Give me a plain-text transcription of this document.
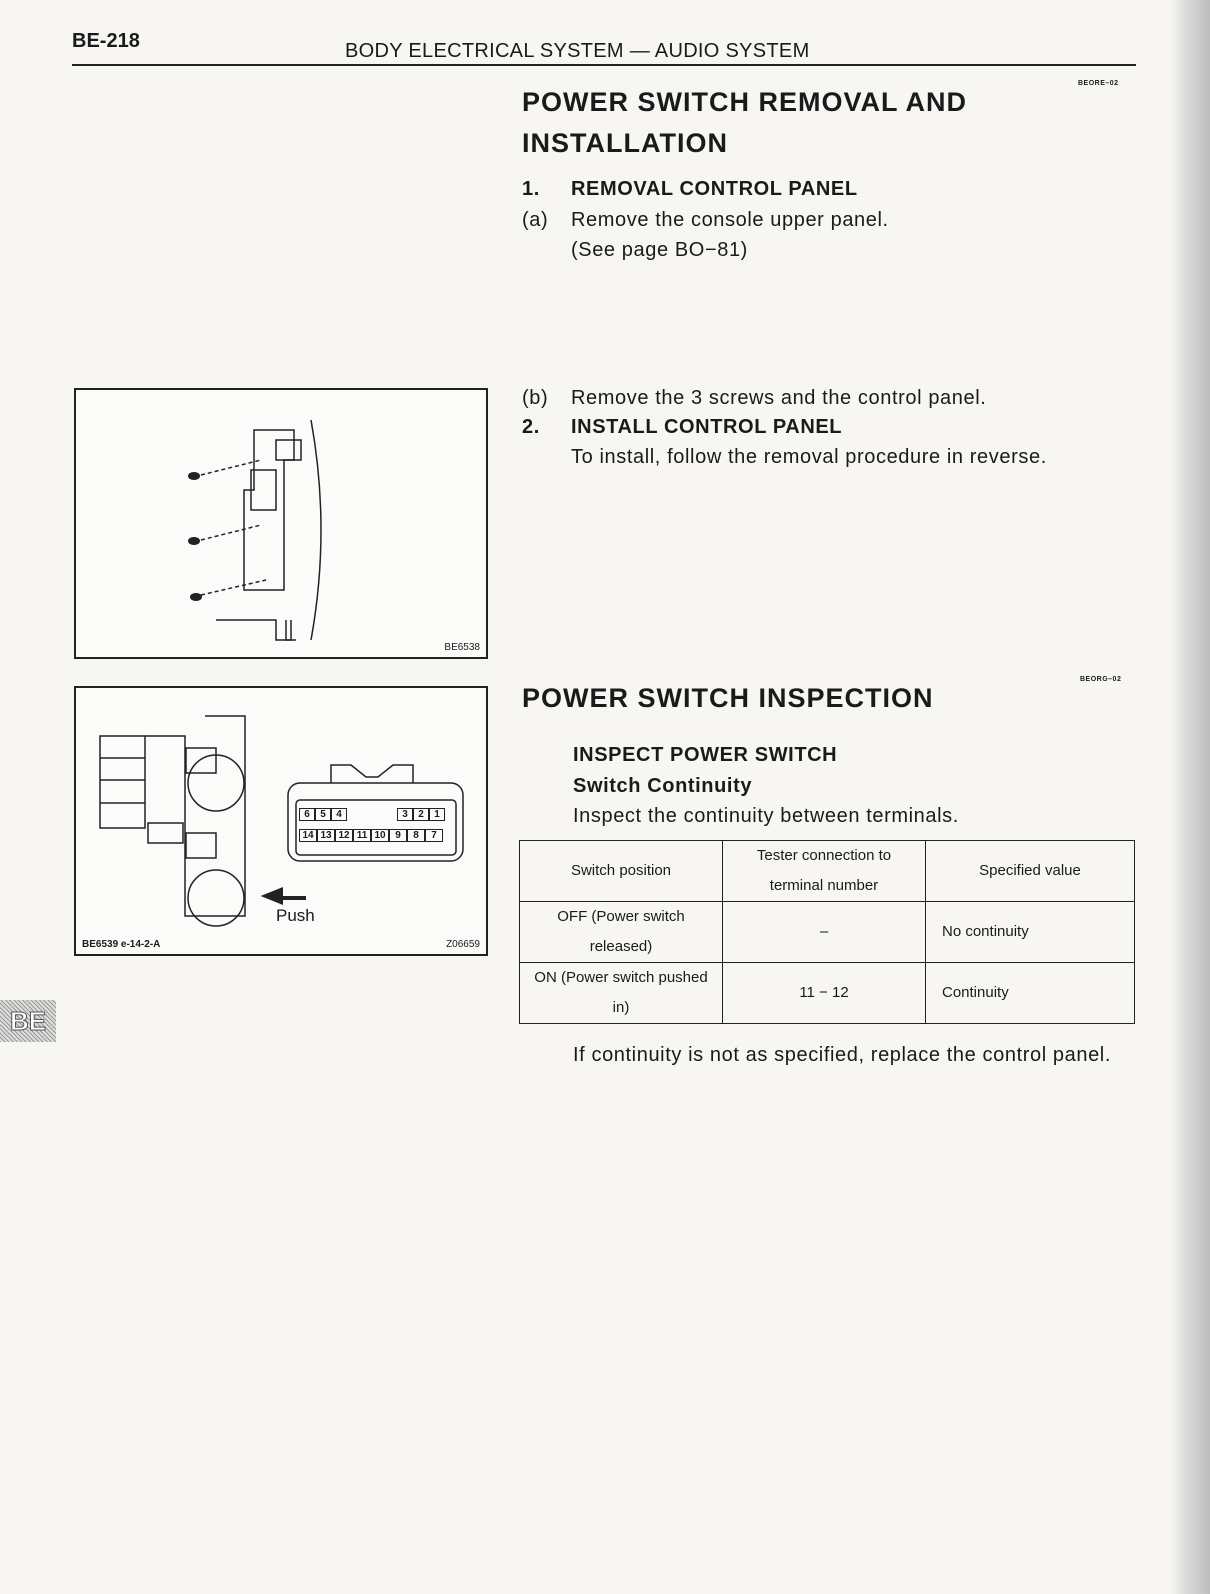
BE-218	BODY ELECTRICAL SYSTEM — AUDIO SYSTEM
BEORE–02
POWER SWITCH REMOVAL AND
INSTALLATION
1. REMOVAL CONTROL PANEL
(a) Remove the console upper panel.
(See page BO−81)
(b) Remove the 3 screws and the control panel.
2. INSTALL CONTROL PANEL
To install, follow the removal procedure in reverse.
BE6538
BEORG–02
POWER SWITCH INSPECTION
INSPECT POWER SWITCH
Switch Continuity
Inspect the continuity between terminals.
6	5	4	3	2	1
14 13 12 11 10 9	8	7
Push
BE6539 e-14-2-A	Z06659
Switch position	Tester connection to terminal number	Specified value
OFF (Power switch released)	–	No continuity
ON (Power switch pushed in)	11 − 12	Continuity
If continuity is not as specified, replace the control panel.
BE
